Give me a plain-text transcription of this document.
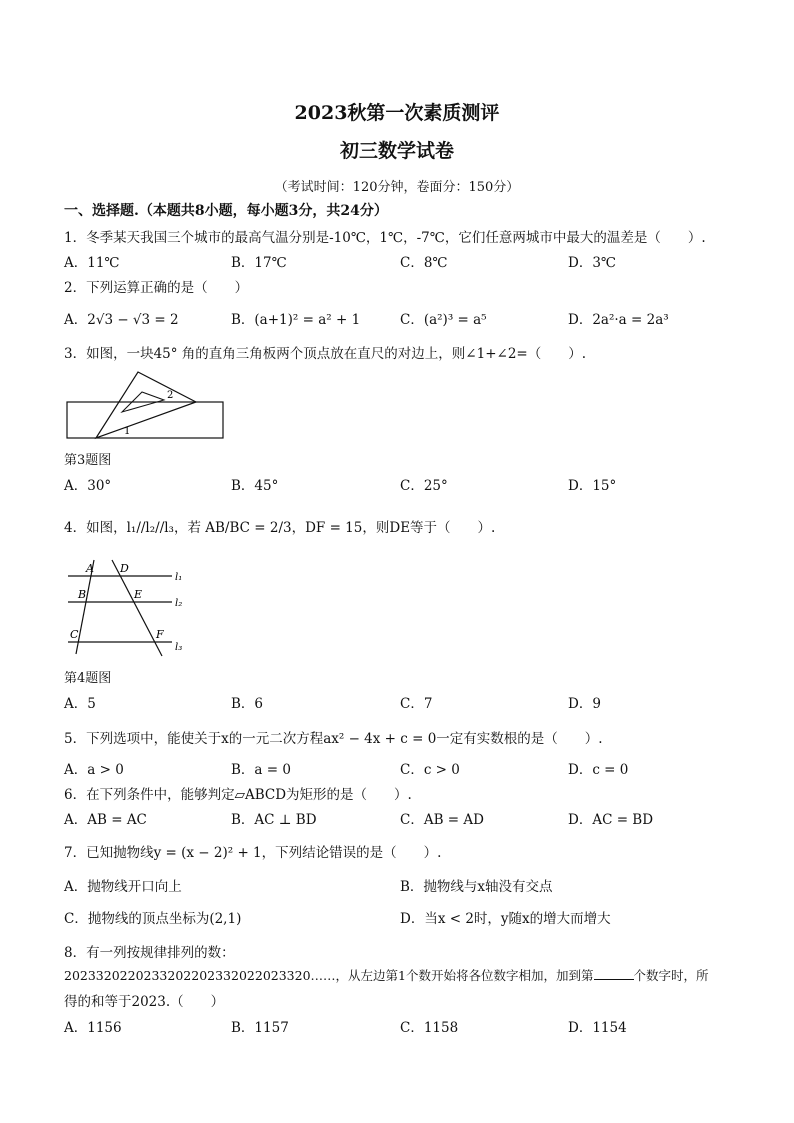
2023秋第一次素质测评
初三数学试卷
（考试时间：120分钟，卷面分：150分）
一、选择题.（本题共8小题，每小题3分，共24分）
1．冬季某天我国三个城市的最高气温分别是-10℃，1℃，-7℃，它们任意两城市中最大的温差是（　　）.
A．11℃	B．17℃	C．8℃	D．3℃
2．下列运算正确的是（　　）
A．2√3 − √3 = 2	B．(a+1)² = a² + 1	C．(a²)³ = a⁵	D．2a²·a = 2a³
3．如图，一块45° 角的直角三角板两个顶点放在直尺的对边上，则∠1+∠2=（　　）.
1
2
第3题图
A．30°	B．45°	C．25°	D．15°
4．如图，l₁//l₂//l₃，若 AB/BC = 2/3，DF = 15，则DE等于（　　）.
A D
B	E
C	F
l₁
l₂
l₃
第4题图
A．5	B．6	C．7	D．9
5．下列选项中，能使关于x的一元二次方程ax² − 4x + c = 0一定有实数根的是（　　）.
A．a > 0	B．a = 0	C．c > 0	D．c = 0
6．在下列条件中，能够判定▱ABCD为矩形的是（　　）.
A．AB = AC	B．AC ⊥ BD	C．AB = AD	D．AC = BD
7．已知抛物线y = (x − 2)² + 1，下列结论错误的是（　　）.
A．抛物线开口向上	B．抛物线与x轴没有交点
C．抛物线的顶点坐标为(2,1)	D．当x < 2时，y随x的增大而增大
8．有一列按规律排列的数：
2023320220233202202332022023320……，从左边第1个数开始将各位数字相加，加到第	个数字时，所
得的和等于2023.（　　）
A．1156	B．1157	C．1158	D．1154
